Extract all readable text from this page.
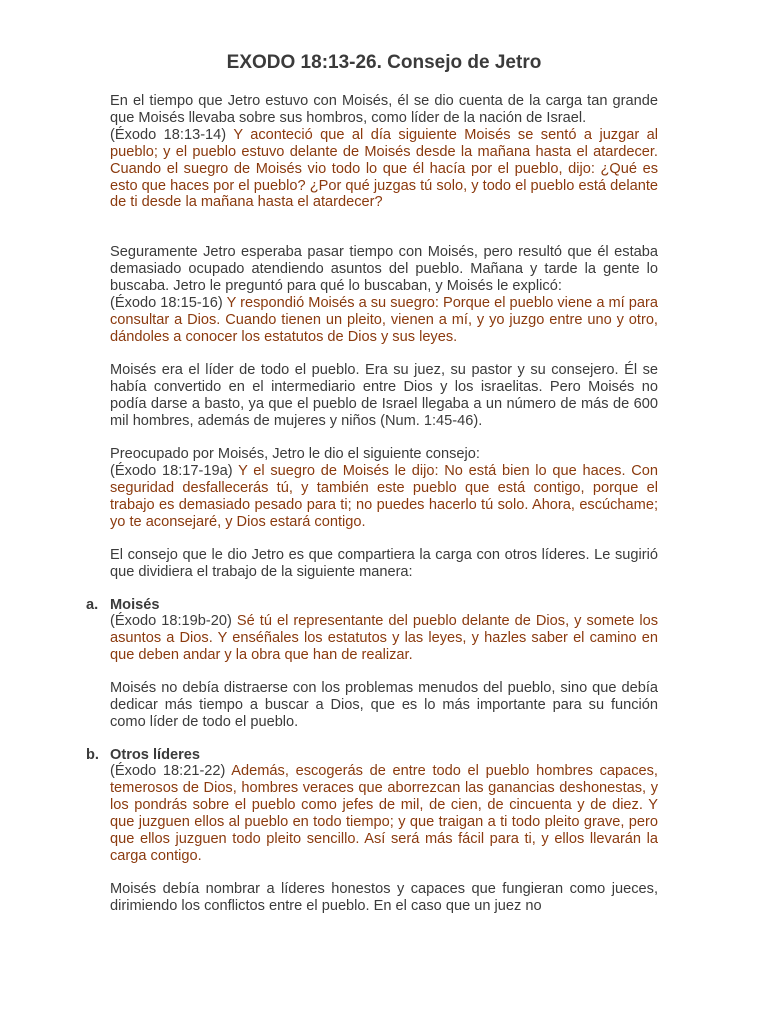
EXODO 18:13-26. Consejo de Jetro

En el tiempo que Jetro estuvo con Moisés, él se dio cuenta de la carga tan grande que Moisés llevaba sobre sus hombros, como líder de la nación de Israel.
(Éxodo 18:13-14) Y aconteció que al día siguiente Moisés se sentó a juzgar al pueblo; y el pueblo estuvo delante de Moisés desde la mañana hasta el atardecer. Cuando el suegro de Moisés vio todo lo que él hacía por el pueblo, dijo: ¿Qué es esto que haces por el pueblo? ¿Por qué juzgas tú solo, y todo el pueblo está delante de ti desde la mañana hasta el atardecer?

Seguramente Jetro esperaba pasar tiempo con Moisés, pero resultó que él estaba demasiado ocupado atendiendo asuntos del pueblo. Mañana y tarde la gente lo buscaba. Jetro le preguntó para qué lo buscaban, y Moisés le explicó:
(Éxodo 18:15-16) Y respondió Moisés a su suegro: Porque el pueblo viene a mí para consultar a Dios. Cuando tienen un pleito, vienen a mí, y yo juzgo entre uno y otro, dándoles a conocer los estatutos de Dios y sus leyes.

Moisés era el líder de todo el pueblo. Era su juez, su pastor y su consejero. Él se había convertido en el intermediario entre Dios y los israelitas. Pero Moisés no podía darse a basto, ya que el pueblo de Israel llegaba a un número de más de 600 mil hombres, además de mujeres y niños (Num. 1:45-46).

Preocupado por Moisés, Jetro le dio el siguiente consejo:
(Éxodo 18:17-19a) Y el suegro de Moisés le dijo: No está bien lo que haces. Con seguridad desfallecerás tú, y también este pueblo que está contigo, porque el trabajo es demasiado pesado para ti; no puedes hacerlo tú solo. Ahora, escúchame; yo te aconsejaré, y Dios estará contigo.

El consejo que le dio Jetro es que compartiera la carga con otros líderes. Le sugirió que dividiera el trabajo de la siguiente manera:

a. Moisés

(Éxodo 18:19b-20) Sé tú el representante del pueblo delante de Dios, y somete los asuntos a Dios. Y enséñales los estatutos y las leyes, y hazles saber el camino en que deben andar y la obra que han de realizar.

Moisés no debía distraerse con los problemas menudos del pueblo, sino que debía dedicar más tiempo a buscar a Dios, que es lo más importante para su función como líder de todo el pueblo.

b. Otros líderes

(Éxodo 18:21-22) Además, escogerás de entre todo el pueblo hombres capaces, temerosos de Dios, hombres veraces que aborrezcan las ganancias deshonestas, y los pondrás sobre el pueblo como jefes de mil, de cien, de cincuenta y de diez. Y que juzguen ellos al pueblo en todo tiempo; y que traigan a ti todo pleito grave, pero que ellos juzguen todo pleito sencillo. Así será más fácil para ti, y ellos llevarán la carga contigo.

Moisés debía nombrar a líderes honestos y capaces que fungieran como jueces, dirimiendo los conflictos entre el pueblo. En el caso que un juez no
